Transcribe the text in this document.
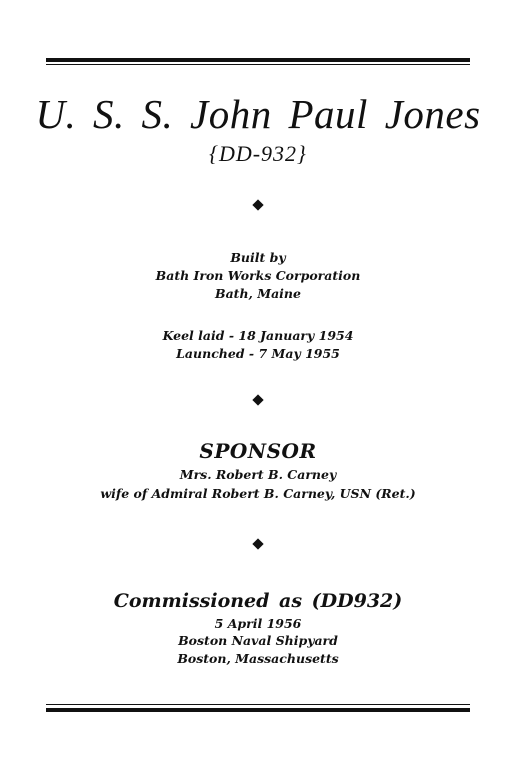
U. S. S. John Paul Jones
{DD-932}
Built by
Bath Iron Works Corporation
Bath, Maine
Keel laid - 18 January 1954
Launched - 7 May 1955
SPONSOR
Mrs. Robert B. Carney
wife of Admiral Robert B. Carney, USN (Ret.)
Commissioned as (DD932)
5 April 1956
Boston Naval Shipyard
Boston, Massachusetts
